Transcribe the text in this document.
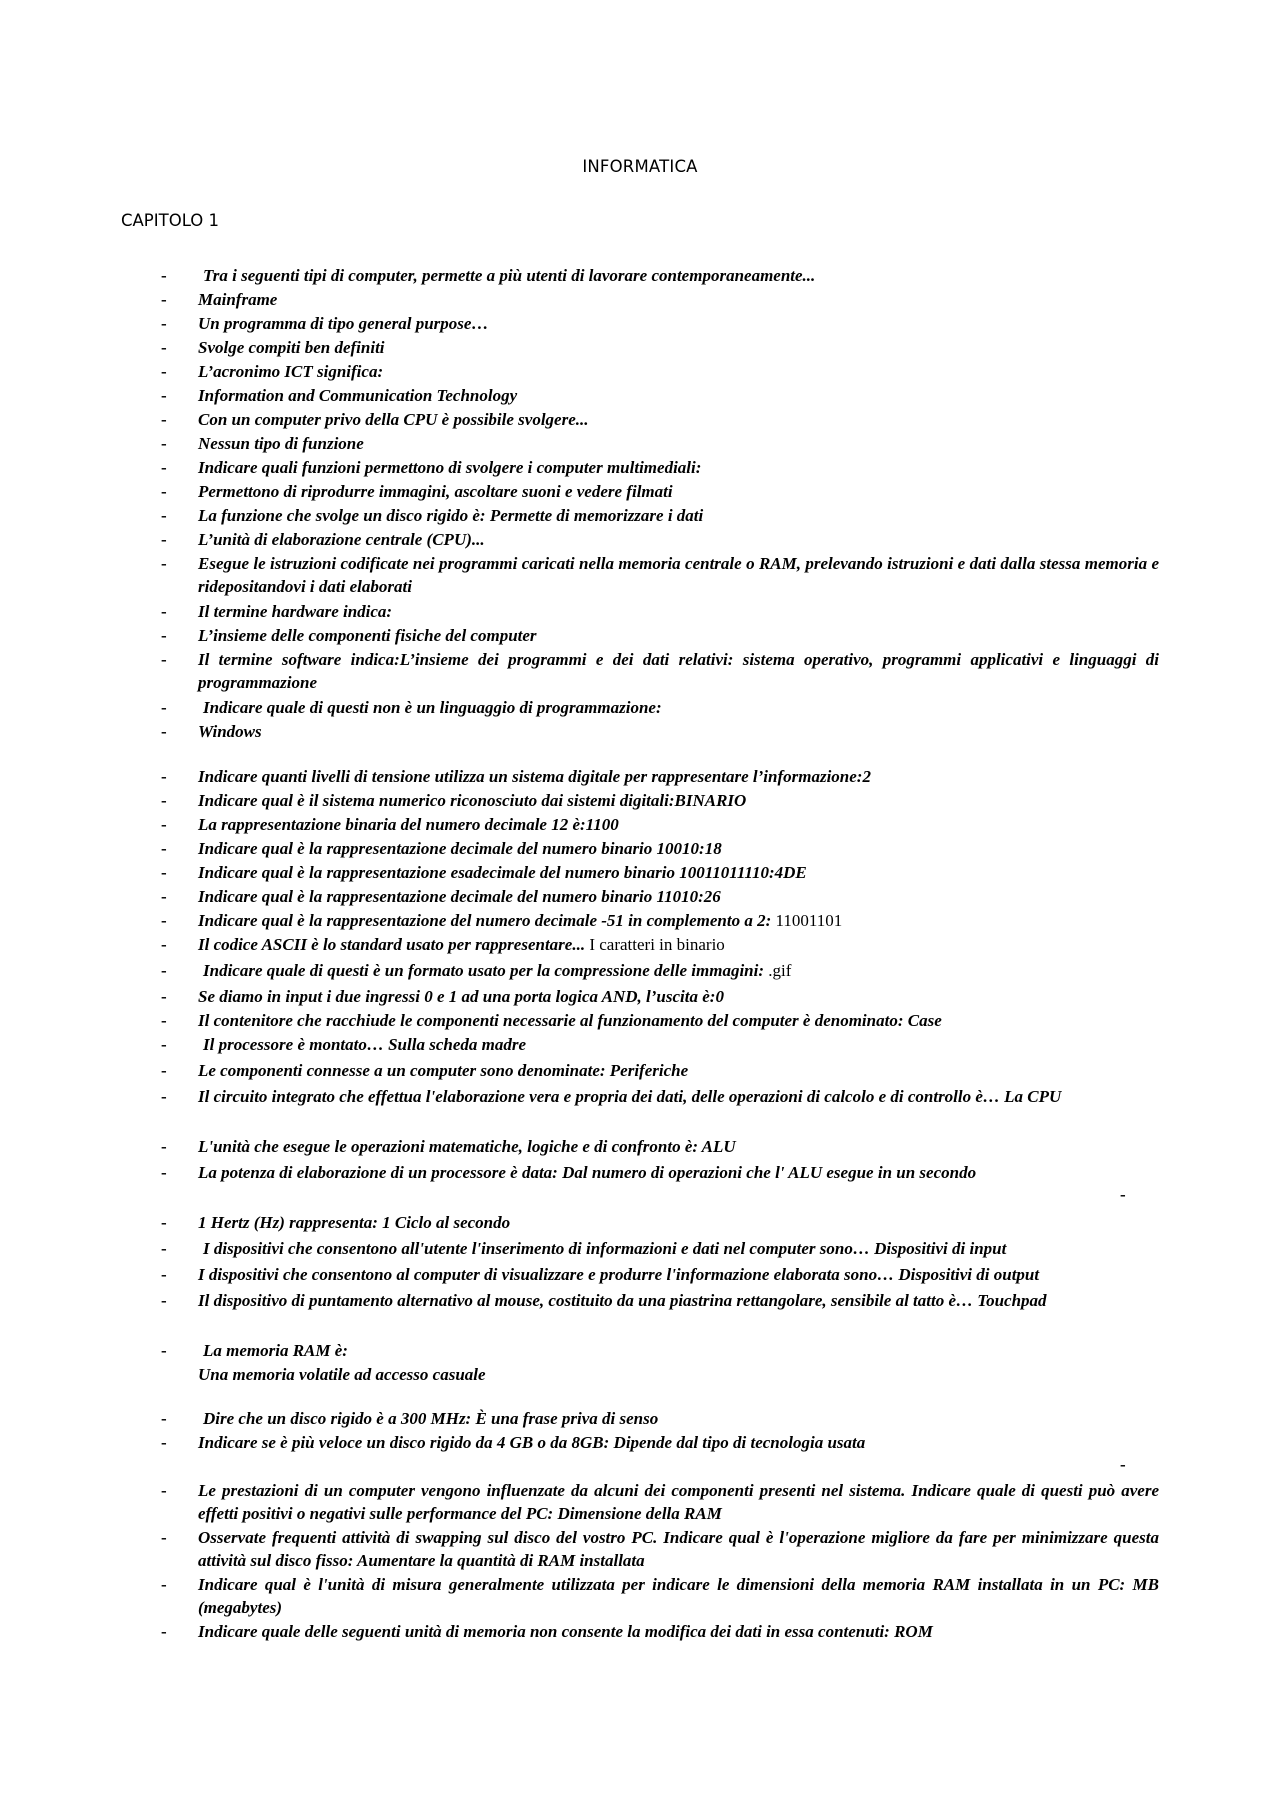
INFORMATICA
CAPITOLO 1
- Tra i seguenti tipi di computer, permette a più utenti di lavorare contemporaneamente...
- Mainframe
- Un programma di tipo general purpose…
- Svolge compiti ben definiti
- L’acronimo ICT significa:
- Information and Communication Technology
- Con un computer privo della CPU è possibile svolgere...
- Nessun tipo di funzione
- Indicare quali funzioni permettono di svolgere i computer multimediali:
- Permettono di riprodurre immagini, ascoltare suoni e vedere filmati
- La funzione che svolge un disco rigido è: Permette di memorizzare i dati
- L’unità di elaborazione centrale (CPU)...
- Esegue le istruzioni codificate nei programmi caricati nella memoria centrale o RAM, prelevando istruzioni e dati dalla stessa memoria e ridepositandovi i dati elaborati
- Il termine hardware indica:
- L’insieme delle componenti fisiche del computer
- Il termine software indica:L’insieme dei programmi e dei dati relativi: sistema operativo, programmi applicativi e linguaggi di programmazione
- Indicare quale di questi non è un linguaggio di programmazione:
- Windows
- Indicare quanti livelli di tensione utilizza un sistema digitale per rappresentare l’informazione:2
- Indicare qual è il sistema numerico riconosciuto dai sistemi digitali:BINARIO
- La rappresentazione binaria del numero decimale 12 è:1100
- Indicare qual è la rappresentazione decimale del numero binario 10010:18
- Indicare qual è la rappresentazione esadecimale del numero binario 10011011110:4DE
- Indicare qual è la rappresentazione decimale del numero binario 11010:26
- Indicare qual è la rappresentazione del numero decimale -51 in complemento a 2: 11001101
- Il codice ASCII è lo standard usato per rappresentare... I caratteri in binario
- Indicare quale di questi è un formato usato per la compressione delle immagini: .gif
- Se diamo in input i due ingressi 0 e 1 ad una porta logica AND, l’uscita è:0
- Il contenitore che racchiude le componenti necessarie al funzionamento del computer è denominato: Case
- Il processore è montato… Sulla scheda madre
- Le componenti connesse a un computer sono denominate: Periferiche
- Il circuito integrato che effettua l'elaborazione vera e propria dei dati, delle operazioni di calcolo e di controllo è… La CPU
- L'unità che esegue le operazioni matematiche, logiche e di confronto è: ALU
- La potenza di elaborazione di un processore è data: Dal numero di operazioni che l' ALU esegue in un secondo
-
- 1 Hertz (Hz) rappresenta: 1 Ciclo al secondo
- I dispositivi che consentono all'utente l'inserimento di informazioni e dati nel computer sono… Dispositivi di input
- I dispositivi che consentono al computer di visualizzare e produrre l'informazione elaborata sono… Dispositivi di output
- Il dispositivo di puntamento alternativo al mouse, costituito da una piastrina rettangolare, sensibile al tatto è… Touchpad
- La memoria RAM è:
Una memoria volatile ad accesso casuale
- Dire che un disco rigido è a 300 MHz: È una frase priva di senso
- Indicare se è più veloce un disco rigido da 4 GB o da 8GB: Dipende dal tipo di tecnologia usata
-
- Le prestazioni di un computer vengono influenzate da alcuni dei componenti presenti nel sistema. Indicare quale di questi può avere effetti positivi o negativi sulle performance del PC: Dimensione della RAM
- Osservate frequenti attività di swapping sul disco del vostro PC. Indicare qual è l'operazione migliore da fare per minimizzare questa attività sul disco fisso: Aumentare la quantità di RAM installata
- Indicare qual è l'unità di misura generalmente utilizzata per indicare le dimensioni della memoria RAM installata in un PC: MB (megabytes)
- Indicare quale delle seguenti unità di memoria non consente la modifica dei dati in essa contenuti: ROM
